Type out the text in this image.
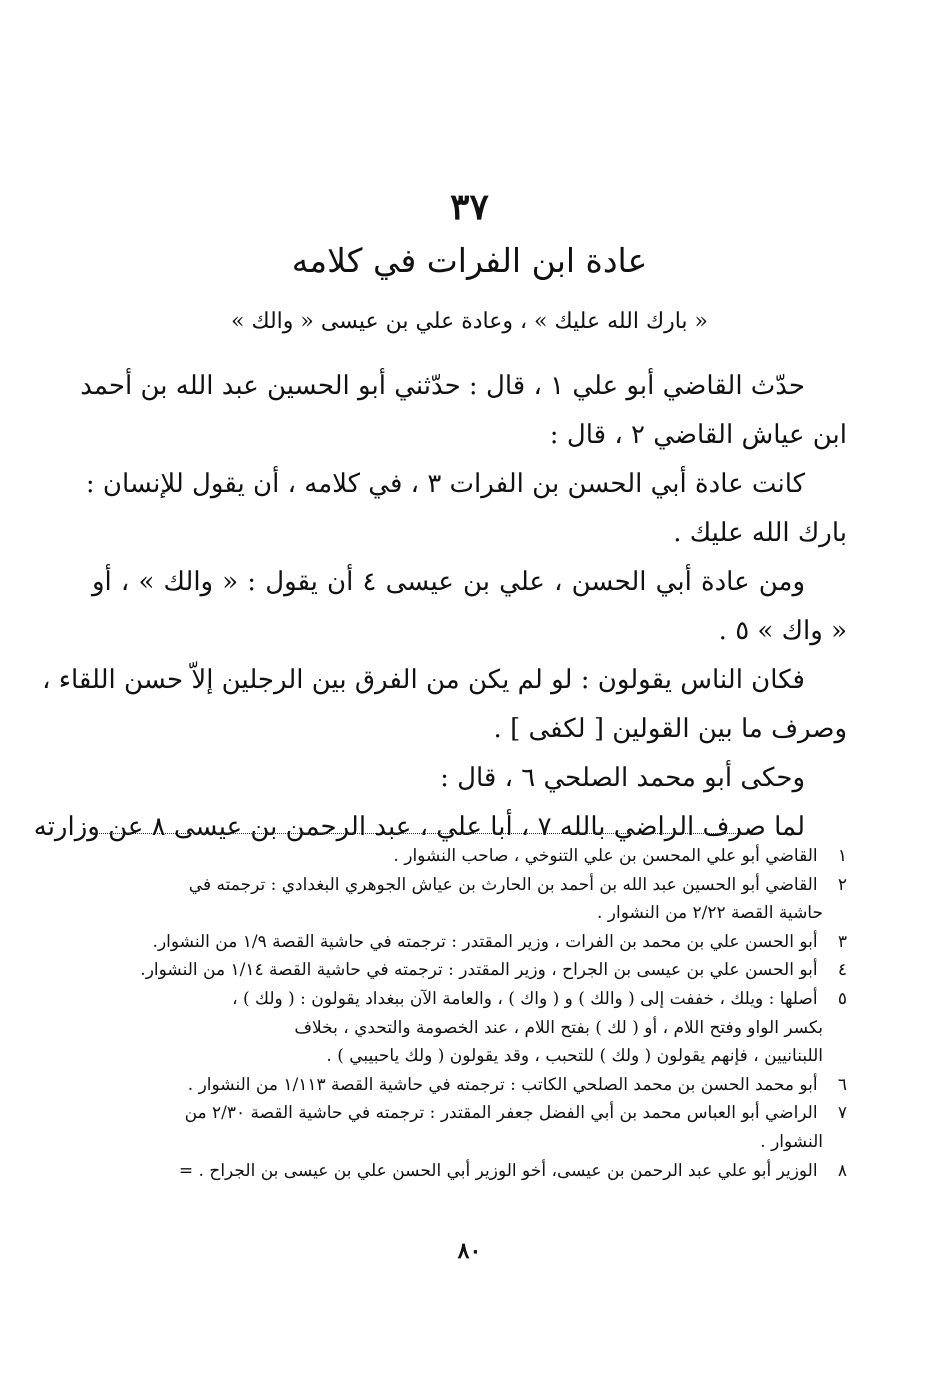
٣٧
عادة ابن الفرات في كلامه
« بارك الله عليك » ، وعادة علي بن عيسى « والك »
حدّث القاضي أبو علي ١ ، قال : حدّثني أبو الحسين عبد الله بن أحمد
ابن عياش القاضي ٢ ، قال :
كانت عادة أبي الحسن بن الفرات ٣ ، في كلامه ، أن يقول للإنسان :
بارك الله عليك .
ومن عادة أبي الحسن ، علي بن عيسى ٤ أن يقول : « والك » ، أو
« واك » ٥ .
فكان الناس يقولون : لو لم يكن من الفرق بين الرجلين إلاّ حسن اللقاء ،
وصرف ما بين القولين [ لكفى ] .
وحكى أبو محمد الصلحي ٦ ، قال :
لما صرف الراضي بالله ٧ ، أبا علي ، عبد الرحمن بن عيسى ٨ عن وزارته
١ القاضي أبو علي المحسن بن علي التنوخي ، صاحب النشوار .
٢ القاضي أبو الحسين عبد الله بن أحمد بن الحارث بن عياش الجوهري البغدادي : ترجمته في
حاشية القصة ٢/٢٢ من النشوار .
٣ أبو الحسن علي بن محمد بن الفرات ، وزير المقتدر : ترجمته في حاشية القصة ١/٩ من النشوار.
٤ أبو الحسن علي بن عيسى بن الجراح ، وزير المقتدر : ترجمته في حاشية القصة ١/١٤ من النشوار.
٥ أصلها : ويلك ، خففت إلى ( والك ) و ( واك ) ، والعامة الآن ببغداد يقولون : ( ولك ) ،
بكسر الواو وفتح اللام ، أو ( لك ) بفتح اللام ، عند الخصومة والتحدي ، بخلاف
اللبنانيين ، فإنهم يقولون ( ولك ) للتحبب ، وقد يقولون ( ولك ياحبيبي ) .
٦ أبو محمد الحسن بن محمد الصلحي الكاتب : ترجمته في حاشية القصة ١/١١٣ من النشوار .
٧ الراضي أبو العباس محمد بن أبي الفضل جعفر المقتدر : ترجمته في حاشية القصة ٢/٣٠ من
النشوار .
٨ الوزير أبو علي عبد الرحمن بن عيسى، أخو الوزير أبي الحسن علي بن عيسى بن الجراح . =
٨٠
